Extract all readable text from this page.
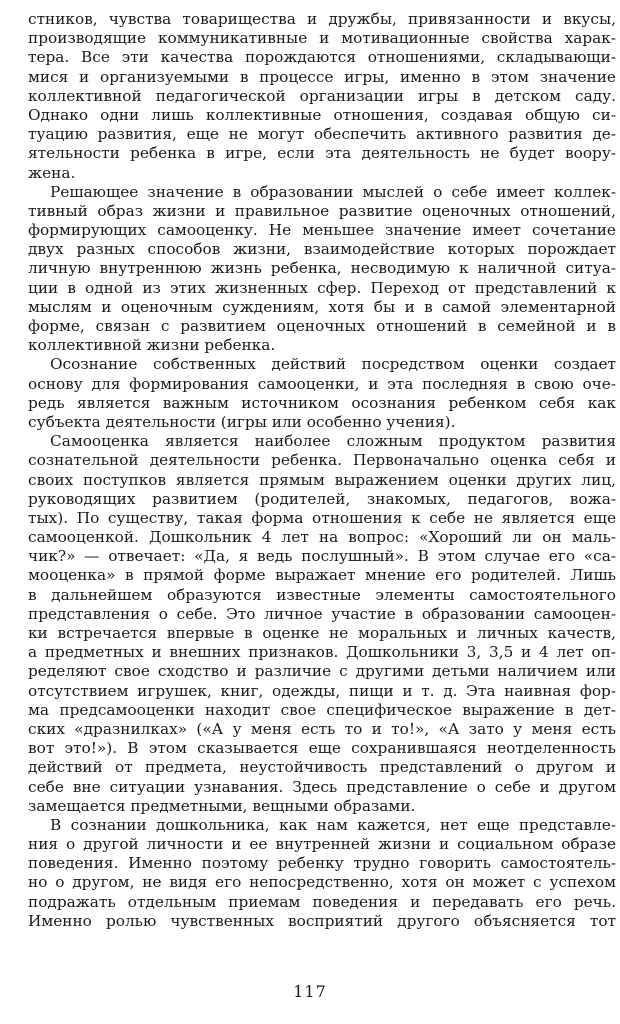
стников, чувства товарищества и дружбы, привязанности и вкусы,
производящие коммуникативные и мотивационные свойства харак-
тера. Все эти качества порождаются отношениями, складывающи-
мися и организуемыми в процессе игры, именно в этом значение
коллективной педагогической организации игры в детском саду.
Однако одни лишь коллективные отношения, создавая общую си-
туацию развития, еще не могут обеспечить активного развития де-
ятельности ребенка в игре, если эта деятельность не будет воору-
жена.
Решающее значение в образовании мыслей о себе имеет коллек-
тивный образ жизни и правильное развитие оценочных отношений,
формирующих самооценку. Не меньшее значение имеет сочетание
двух разных способов жизни, взаимодействие которых порождает
личную внутреннюю жизнь ребенка, несводимую к наличной ситуа-
ции в одной из этих жизненных сфер. Переход от представлений к
мыслям и оценочным суждениям, хотя бы и в самой элементарной
форме, связан с развитием оценочных отношений в семейной и в
коллективной жизни ребенка.
Осознание собственных действий посредством оценки создает
основу для формирования самооценки, и эта последняя в свою оче-
редь является важным источником осознания ребенком себя как
субъекта деятельности (игры или особенно учения).
Самооценка является наиболее сложным продуктом развития
сознательной деятельности ребенка. Первоначально оценка себя и
своих поступков является прямым выражением оценки других лиц,
руководящих развитием (родителей, знакомых, педагогов, вожа-
тых). По существу, такая форма отношения к себе не является еще
самооценкой. Дошкольник 4 лет на вопрос: «Хороший ли он маль-
чик?» — отвечает: «Да, я ведь послушный». В этом случае его «са-
мооценка» в прямой форме выражает мнение его родителей. Лишь
в дальнейшем образуются известные элементы самостоятельного
представления о себе. Это личное участие в образовании самооцен-
ки встречается впервые в оценке не моральных и личных качеств,
а предметных и внешних признаков. Дошкольники 3, 3,5 и 4 лет оп-
ределяют свое сходство и различие с другими детьми наличием или
отсутствием игрушек, книг, одежды, пищи и т. д. Эта наивная фор-
ма предсамооценки находит свое специфическое выражение в дет-
ских «дразнилках» («А у меня есть то и то!», «А зато у меня есть
вот это!»). В этом сказывается еще сохранившаяся неотделенность
действий от предмета, неустойчивость представлений о другом и
себе вне ситуации узнавания. Здесь представление о себе и другом
замещается предметными, вещными образами.
В сознании дошкольника, как нам кажется, нет еще представле-
ния о другой личности и ее внутренней жизни и социальном образе
поведения. Именно поэтому ребенку трудно говорить самостоятель-
но о другом, не видя его непосредственно, хотя он может с успехом
подражать отдельным приемам поведения и передавать его речь.
Именно ролью чувственных восприятий другого объясняется тот
117
